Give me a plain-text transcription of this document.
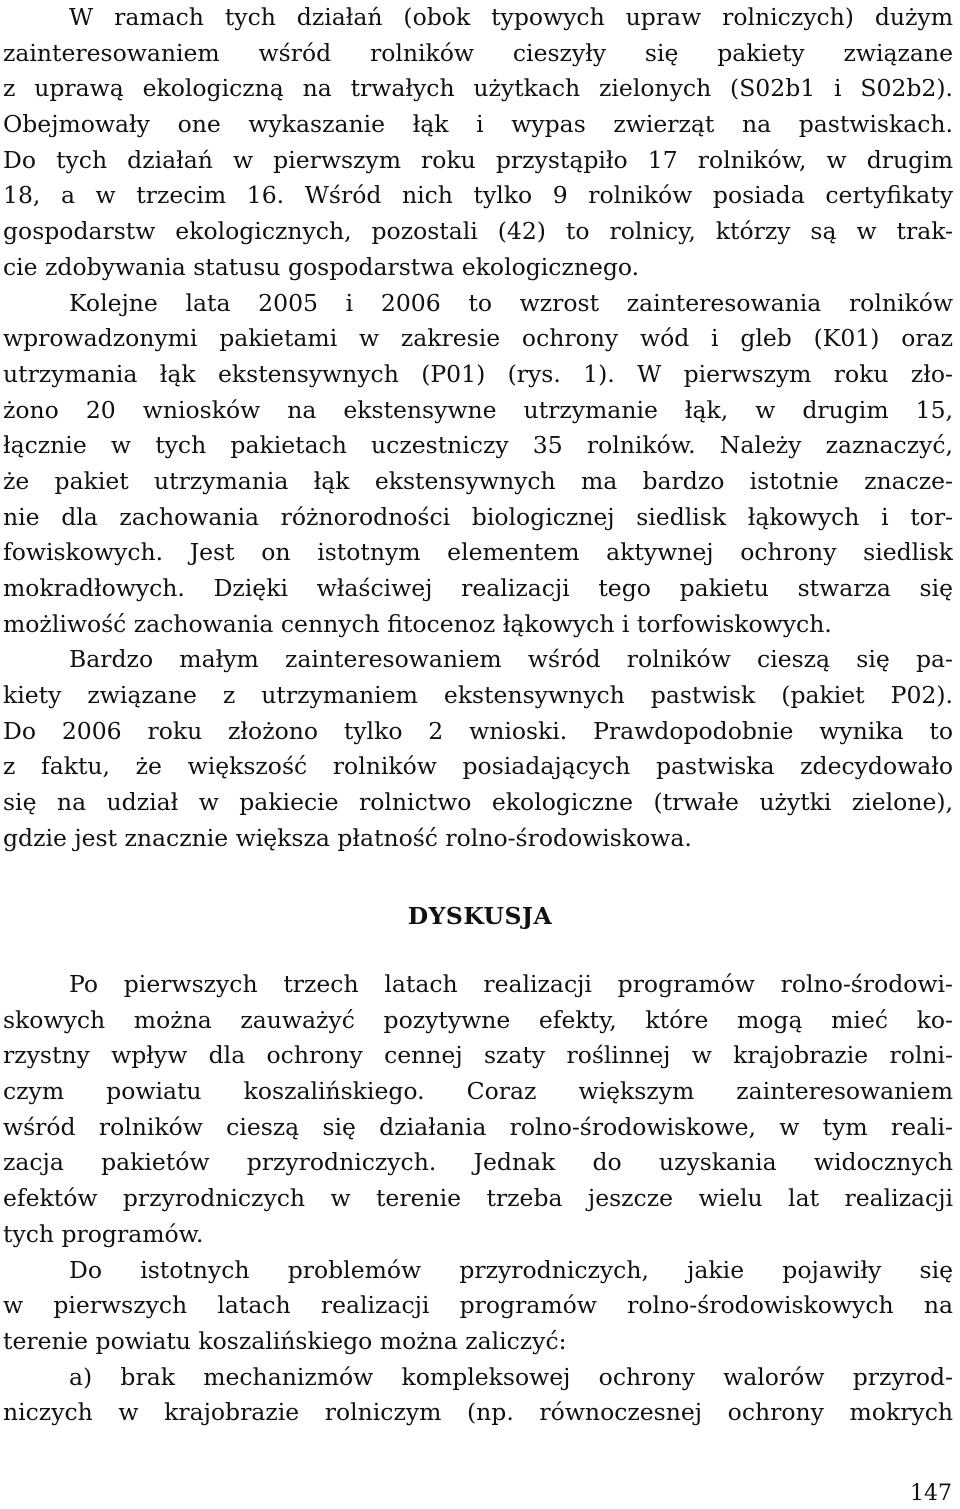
W ramach tych działań (obok typowych upraw rolniczych) dużym
zainteresowaniem wśród rolników cieszyły się pakiety związane
z uprawą ekologiczną na trwałych użytkach zielonych (S02b1 i S02b2).
Obejmowały one wykaszanie łąk i wypas zwierząt na pastwiskach.
Do tych działań w pierwszym roku przystąpiło 17 rolników, w drugim
18, a w trzecim 16. Wśród nich tylko 9 rolników posiada certyfikaty
gospodarstw ekologicznych, pozostali (42) to rolnicy, którzy są w trak-
cie zdobywania statusu gospodarstwa ekologicznego.
Kolejne lata 2005 i 2006 to wzrost zainteresowania rolników
wprowadzonymi pakietami w zakresie ochrony wód i gleb (K01) oraz
utrzymania łąk ekstensywnych (P01) (rys. 1). W pierwszym roku zło-
żono 20 wniosków na ekstensywne utrzymanie łąk, w drugim 15,
łącznie w tych pakietach uczestniczy 35 rolników. Należy zaznaczyć,
że pakiet utrzymania łąk ekstensywnych ma bardzo istotnie znacze-
nie dla zachowania różnorodności biologicznej siedlisk łąkowych i tor-
fowiskowych. Jest on istotnym elementem aktywnej ochrony siedlisk
mokradłowych. Dzięki właściwej realizacji tego pakietu stwarza się
możliwość zachowania cennych fitocenoz łąkowych i torfowiskowych.
Bardzo małym zainteresowaniem wśród rolników cieszą się pa-
kiety związane z utrzymaniem ekstensywnych pastwisk (pakiet P02).
Do 2006 roku złożono tylko 2 wnioski. Prawdopodobnie wynika to
z faktu, że większość rolników posiadających pastwiska zdecydowało
się na udział w pakiecie rolnictwo ekologiczne (trwałe użytki zielone),
gdzie jest znacznie większa płatność rolno-środowiskowa.
DYSKUSJA
Po pierwszych trzech latach realizacji programów rolno-środowi-
skowych można zauważyć pozytywne efekty, które mogą mieć ko-
rzystny wpływ dla ochrony cennej szaty roślinnej w krajobrazie rolni-
czym powiatu koszalińskiego. Coraz większym zainteresowaniem
wśród rolników cieszą się działania rolno-środowiskowe, w tym reali-
zacja pakietów przyrodniczych. Jednak do uzyskania widocznych
efektów przyrodniczych w terenie trzeba jeszcze wielu lat realizacji
tych programów.
Do istotnych problemów przyrodniczych, jakie pojawiły się
w pierwszych latach realizacji programów rolno-środowiskowych na
terenie powiatu koszalińskiego można zaliczyć:
a) brak mechanizmów kompleksowej ochrony walorów przyrod-
niczych w krajobrazie rolniczym (np. równoczesnej ochrony mokrych
147
